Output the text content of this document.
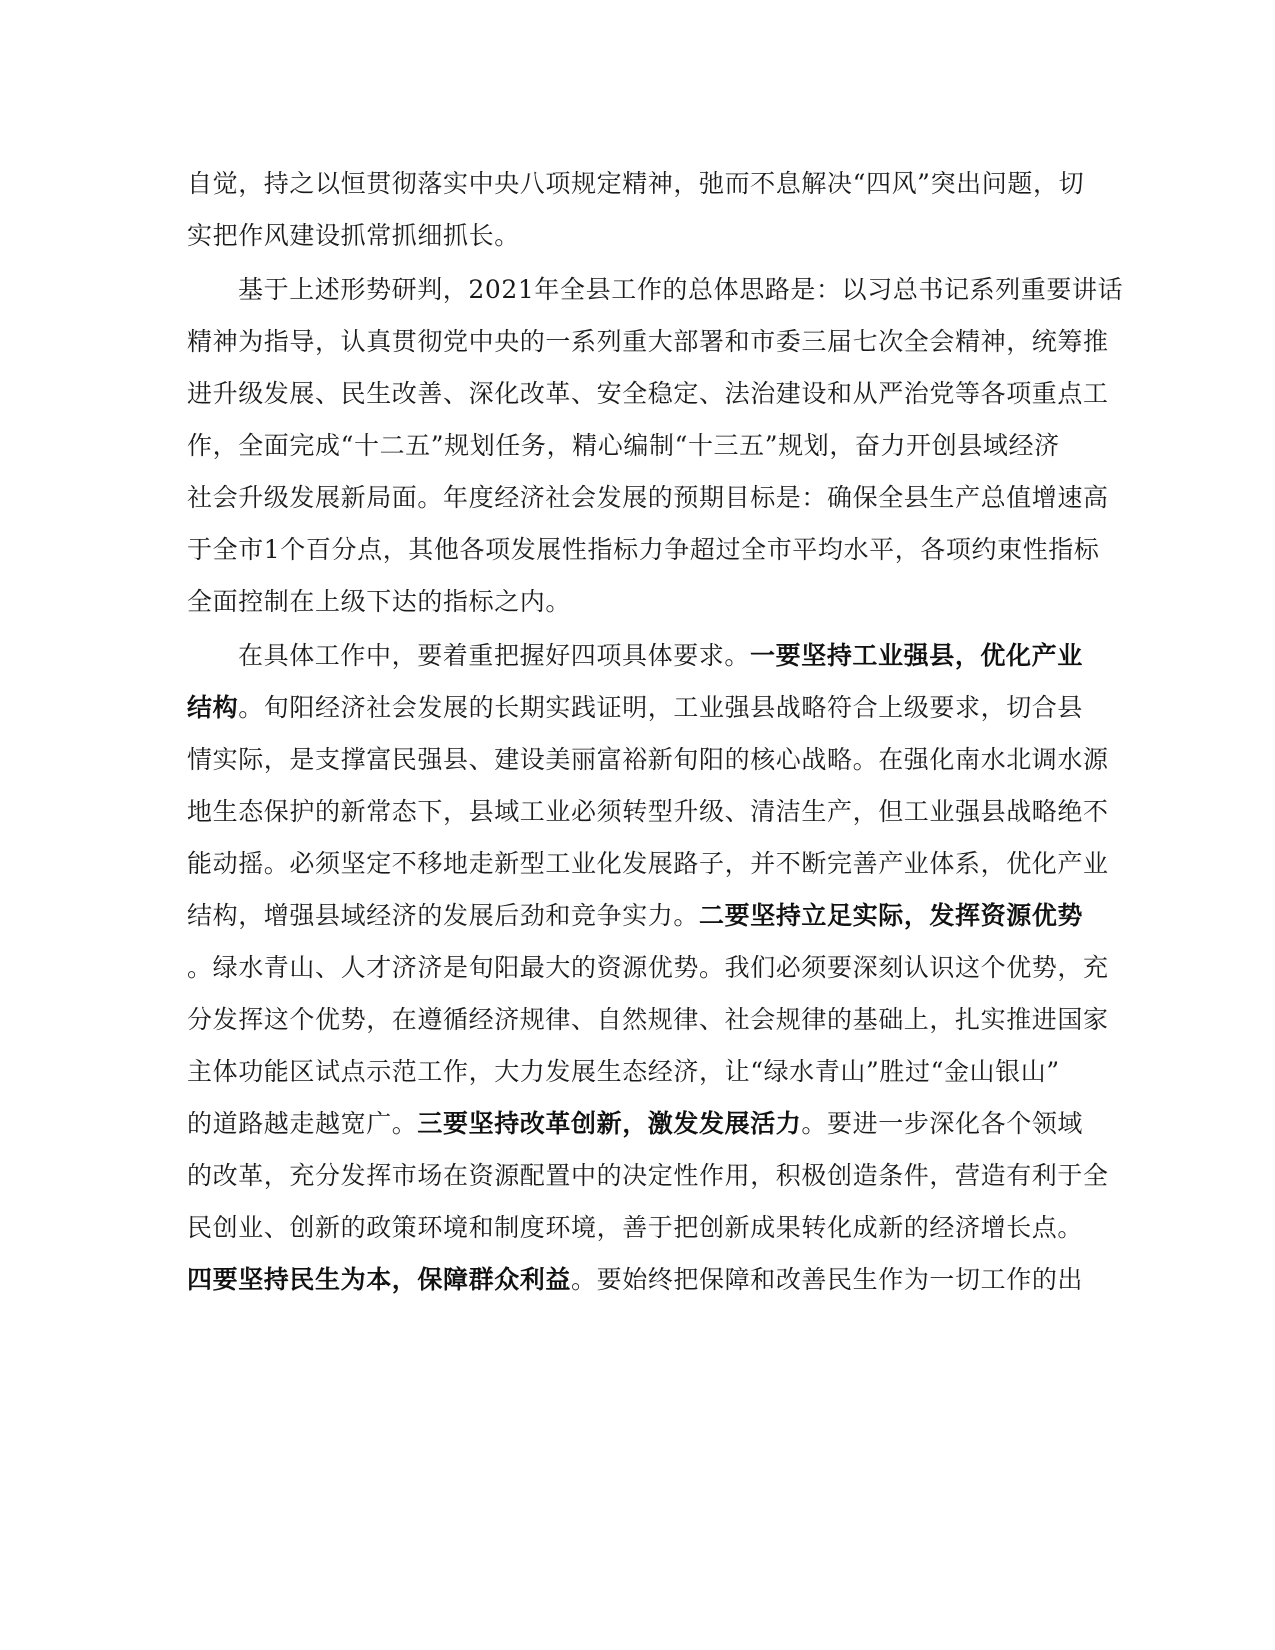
自觉，持之以恒贯彻落实中央八项规定精神，弛而不息解决“四风”突出问题，切
实把作风建设抓常抓细抓长。
基于上述形势研判，2021年全县工作的总体思路是：以习总书记系列重要讲话
精神为指导，认真贯彻党中央的一系列重大部署和市委三届七次全会精神，统筹推
进升级发展、民生改善、深化改革、安全稳定、法治建设和从严治党等各项重点工
作，全面完成“十二五”规划任务，精心编制“十三五”规划，奋力开创县域经济
社会升级发展新局面。年度经济社会发展的预期目标是：确保全县生产总值增速高
于全市1个百分点，其他各项发展性指标力争超过全市平均水平，各项约束性指标
全面控制在上级下达的指标之内。
在具体工作中，要着重把握好四项具体要求。一要坚持工业强县，优化产业
结构。旬阳经济社会发展的长期实践证明，工业强县战略符合上级要求，切合县
情实际，是支撑富民强县、建设美丽富裕新旬阳的核心战略。在强化南水北调水源
地生态保护的新常态下，县域工业必须转型升级、清洁生产，但工业强县战略绝不
能动摇。必须坚定不移地走新型工业化发展路子，并不断完善产业体系，优化产业
结构，增强县域经济的发展后劲和竞争实力。二要坚持立足实际，发挥资源优势
。绿水青山、人才济济是旬阳最大的资源优势。我们必须要深刻认识这个优势，充
分发挥这个优势，在遵循经济规律、自然规律、社会规律的基础上，扎实推进国家
主体功能区试点示范工作，大力发展生态经济，让“绿水青山”胜过“金山银山”
的道路越走越宽广。三要坚持改革创新，激发发展活力。要进一步深化各个领域
的改革，充分发挥市场在资源配置中的决定性作用，积极创造条件，营造有利于全
民创业、创新的政策环境和制度环境，善于把创新成果转化成新的经济增长点。
四要坚持民生为本，保障群众利益。要始终把保障和改善民生作为一切工作的出
